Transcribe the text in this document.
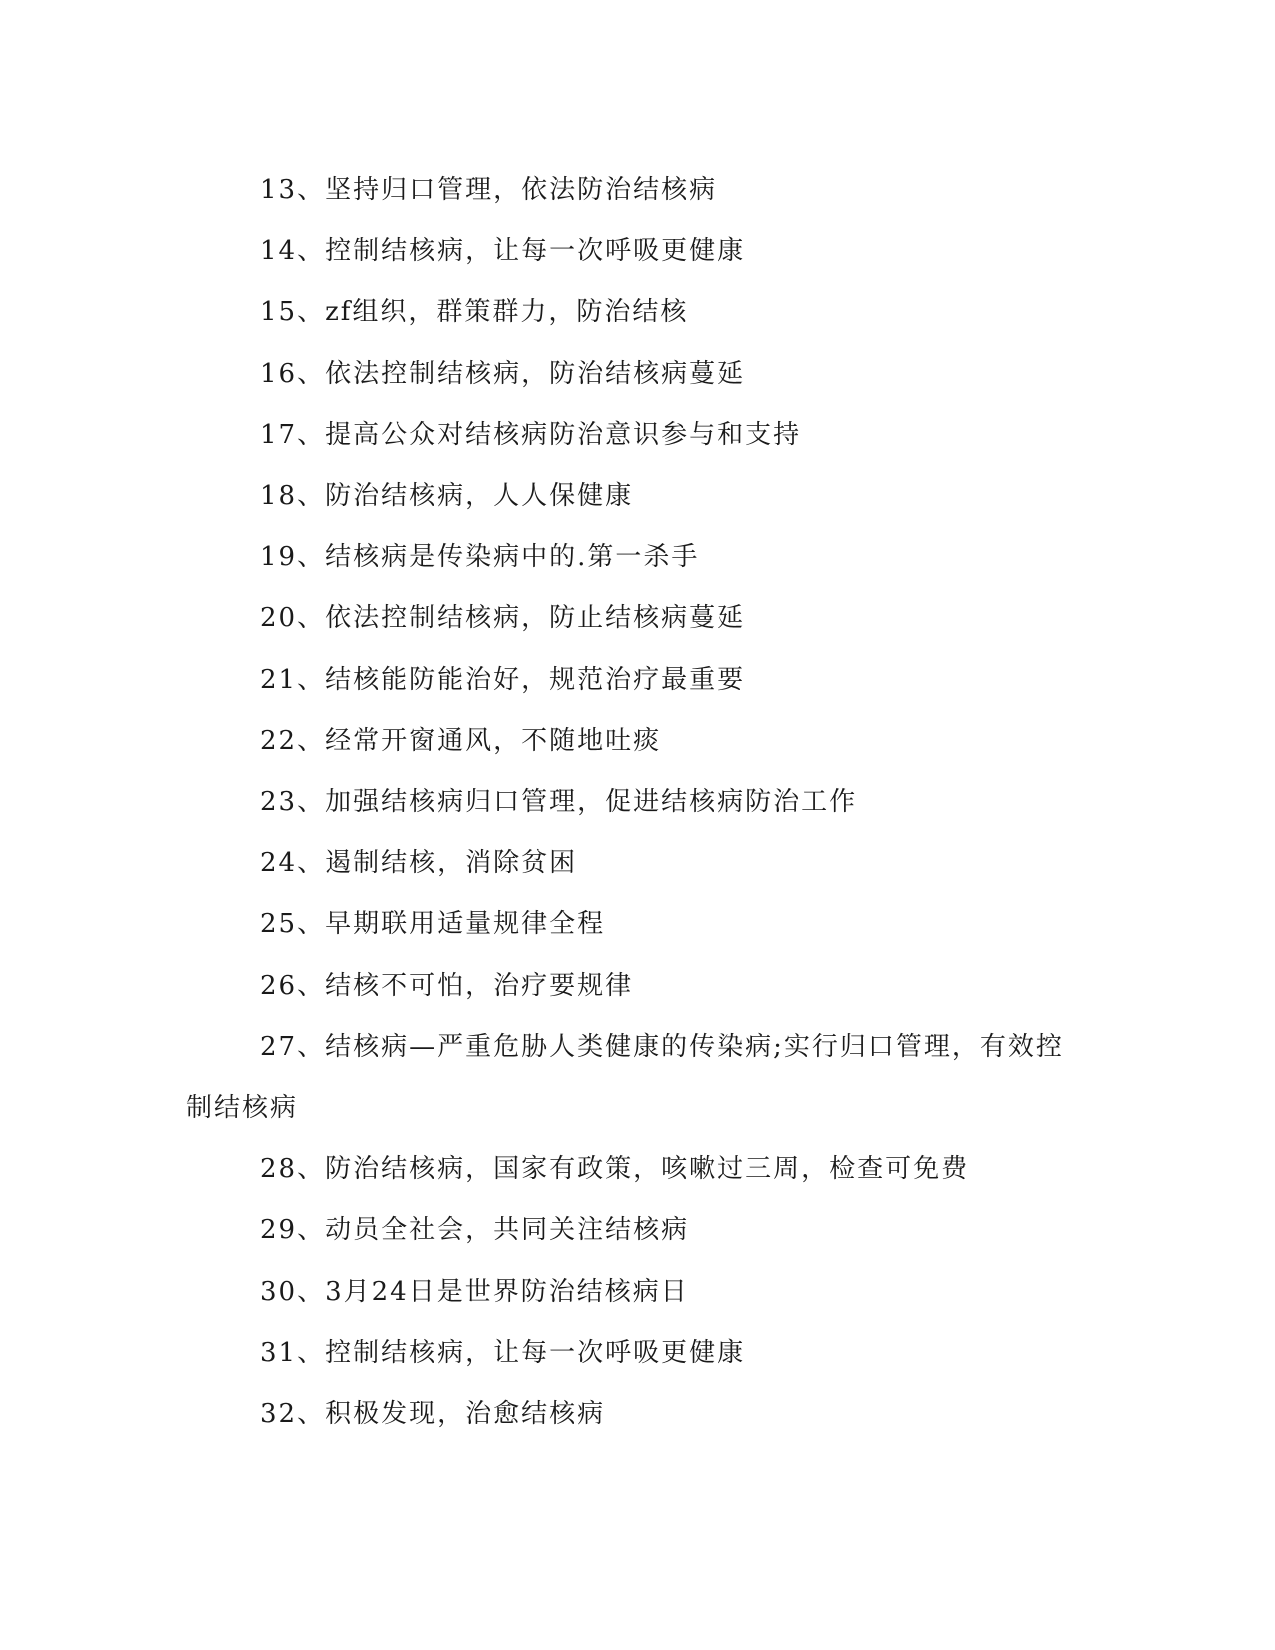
13、坚持归口管理，依法防治结核病

14、控制结核病，让每一次呼吸更健康

15、zf组织，群策群力，防治结核

16、依法控制结核病，防治结核病蔓延

17、提高公众对结核病防治意识参与和支持

18、防治结核病，人人保健康

19、结核病是传染病中的.第一杀手

20、依法控制结核病，防止结核病蔓延

21、结核能防能治好，规范治疗最重要

22、经常开窗通风，不随地吐痰

23、加强结核病归口管理，促进结核病防治工作

24、遏制结核，消除贫困

25、早期联用适量规律全程

26、结核不可怕，治疗要规律

27、结核病—严重危胁人类健康的传染病;实行归口管理，有效控制结核病

28、防治结核病，国家有政策，咳嗽过三周，检查可免费

29、动员全社会，共同关注结核病

30、3月24日是世界防治结核病日

31、控制结核病，让每一次呼吸更健康

32、积极发现，治愈结核病
